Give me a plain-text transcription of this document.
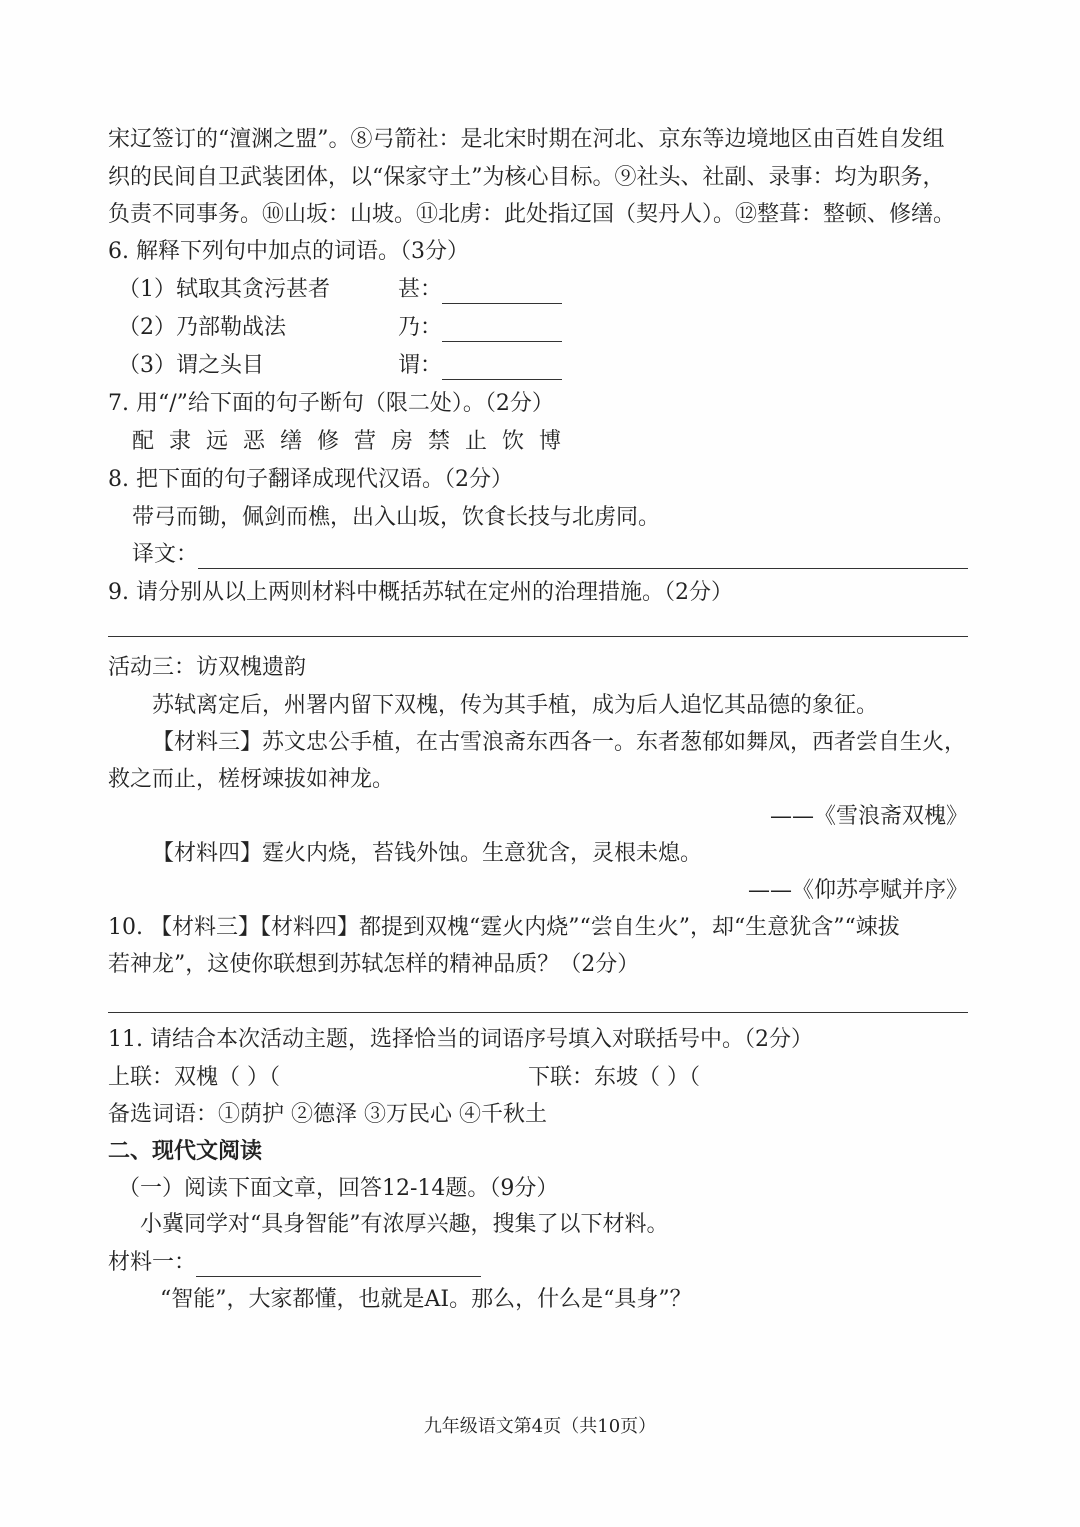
宋辽签订的“澶渊之盟”。⑧弓箭社：是北宋时期在河北、京东等边境地区由百姓自发组
织的民间自卫武装团体，以“保家守土”为核心目标。⑨社头、社副、录事：均为职务，
负责不同事务。⑩山坂：山坡。⑪北虏：此处指辽国（契丹人）。⑫整葺：整顿、修缮。
6. 解释下列句中加点的词语。（3分）
（1）轼取其贪污甚者	甚：
（2）乃部勒战法	乃：
（3）谓之头目	谓：
7. 用“/”给下面的句子断句（限二处）。（2分）
配隶远恶缮修营房禁止饮博
8. 把下面的句子翻译成现代汉语。（2分）
带弓而锄，佩剑而樵，出入山坂，饮食长技与北虏同。
译文：
9. 请分别从以上两则材料中概括苏轼在定州的治理措施。（2分）
活动三：访双槐遗韵
苏轼离定后，州署内留下双槐，传为其手植，成为后人追忆其品德的象征。
【材料三】苏文忠公手植，在古雪浪斋东西各一。东者葱郁如舞凤，西者尝自生火，
救之而止，槎枒竦拔如神龙。
——《雪浪斋双槐》
【材料四】霆火内烧，苔钱外蚀。生意犹含，灵根未熄。
——《仰苏亭赋并序》
10. 【材料三】【材料四】都提到双槐“霆火内烧”“尝自生火”，却“生意犹含”“竦拔
若神龙”，这使你联想到苏轼怎样的精神品质？（2分）
11. 请结合本次活动主题，选择恰当的词语序号填入对联括号中。（2分）
上联：双槐（ ）（	下联：东坡（ ）（
备选词语：①荫护 ②德泽 ③万民心 ④千秋土
二、现代文阅读
（一）阅读下面文章，回答12-14题。（9分）
小冀同学对“具身智能”有浓厚兴趣，搜集了以下材料。
材料一：
“智能”，大家都懂，也就是AI。那么，什么是“具身”？
九年级语文第4页（共10页）
